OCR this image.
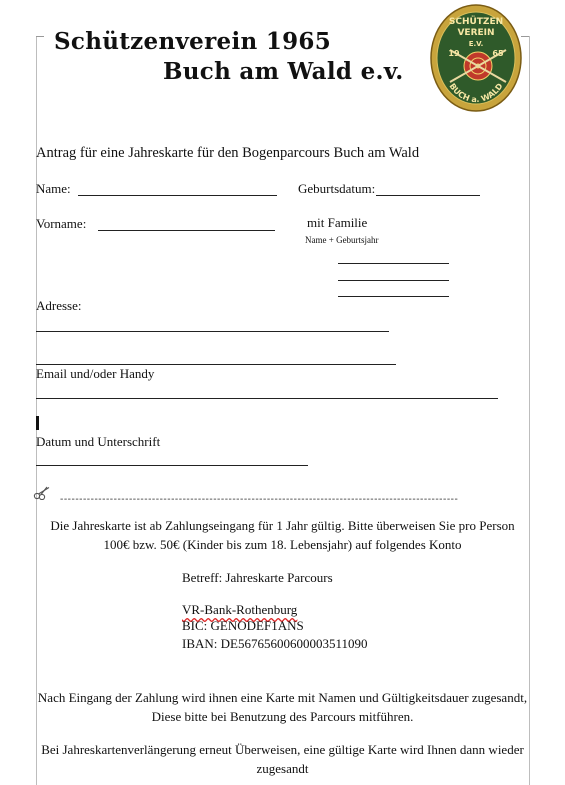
Schützenverein 1965
Buch am Wald e.v.
SCHÜTZEN
VEREIN
E.V.
19	65
BUCH a. WALD
Antrag für eine Jahreskarte für den Bogenparcours Buch am Wald
Name:	Geburtsdatum:
Vorname:	mit Familie
Name + Geburtsjahr
Adresse:
Email und/oder Handy
Datum und Unterschrift
--------------------------------------------------------------------------------------------------------
Die Jahreskarte ist ab Zahlungseingang für 1 Jahr gültig. Bitte überweisen Sie pro Person 100€ bzw. 50€ (Kinder bis zum 18. Lebensjahr) auf folgendes Konto
Betreff: Jahreskarte Parcours
VR-Bank-Rothenburg
BIC: GENODEF1ANS
IBAN: DE56765600600003511090
Nach Eingang der Zahlung wird ihnen eine Karte mit Namen und Gültigkeitsdauer zugesandt, Diese bitte bei Benutzung des Parcours mitführen.
Bei Jahreskartenverlängerung erneut Überweisen, eine gültige Karte wird Ihnen dann wieder zugesandt
